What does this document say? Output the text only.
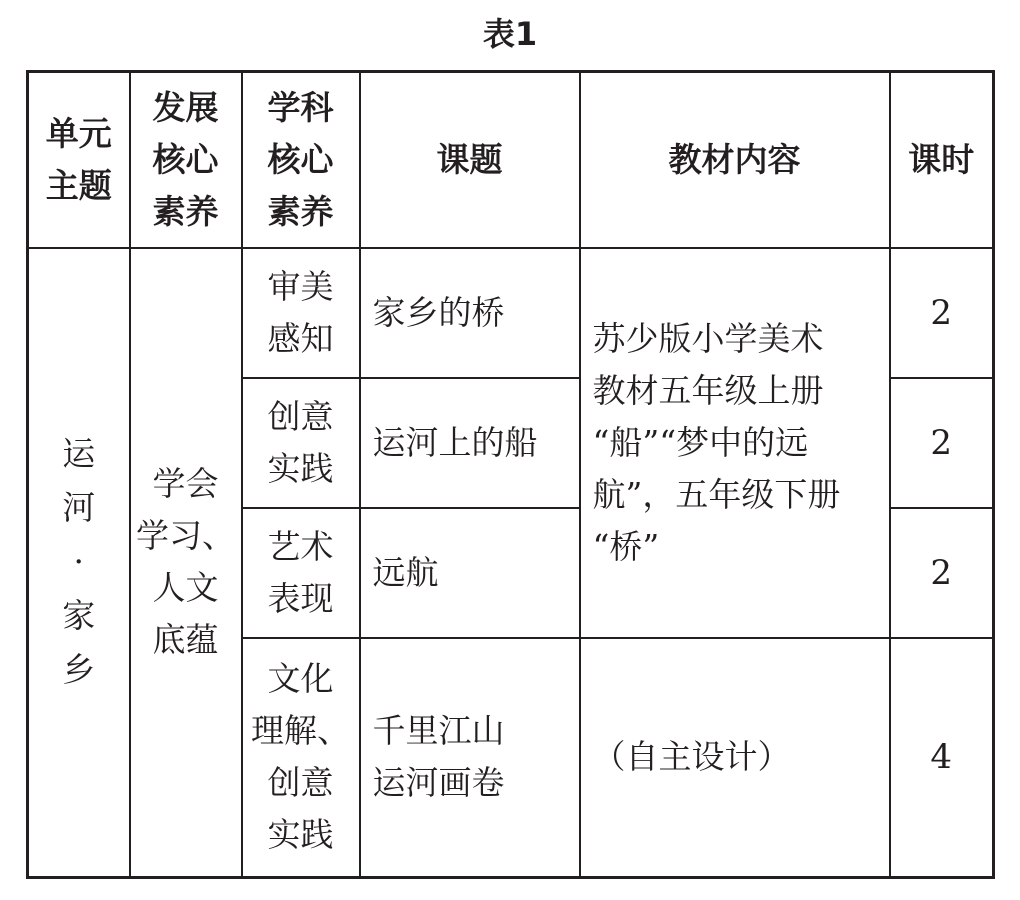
表1
单元
主题	发展
核心
素养	学科
核心
素养	课题	教材内容	课时
运
河
·
家
乡	学会
学习、
人文
底蕴	审美
感知	家乡的桥	苏少版小学美术
教材五年级上册
“船”“梦中的远
航”，五年级下册
“桥”	2
		创意
实践	运河上的船		2
		艺术
表现	远航		2
		文化
理解、
创意
实践	千里江山
运河画卷	（自主设计）	4
